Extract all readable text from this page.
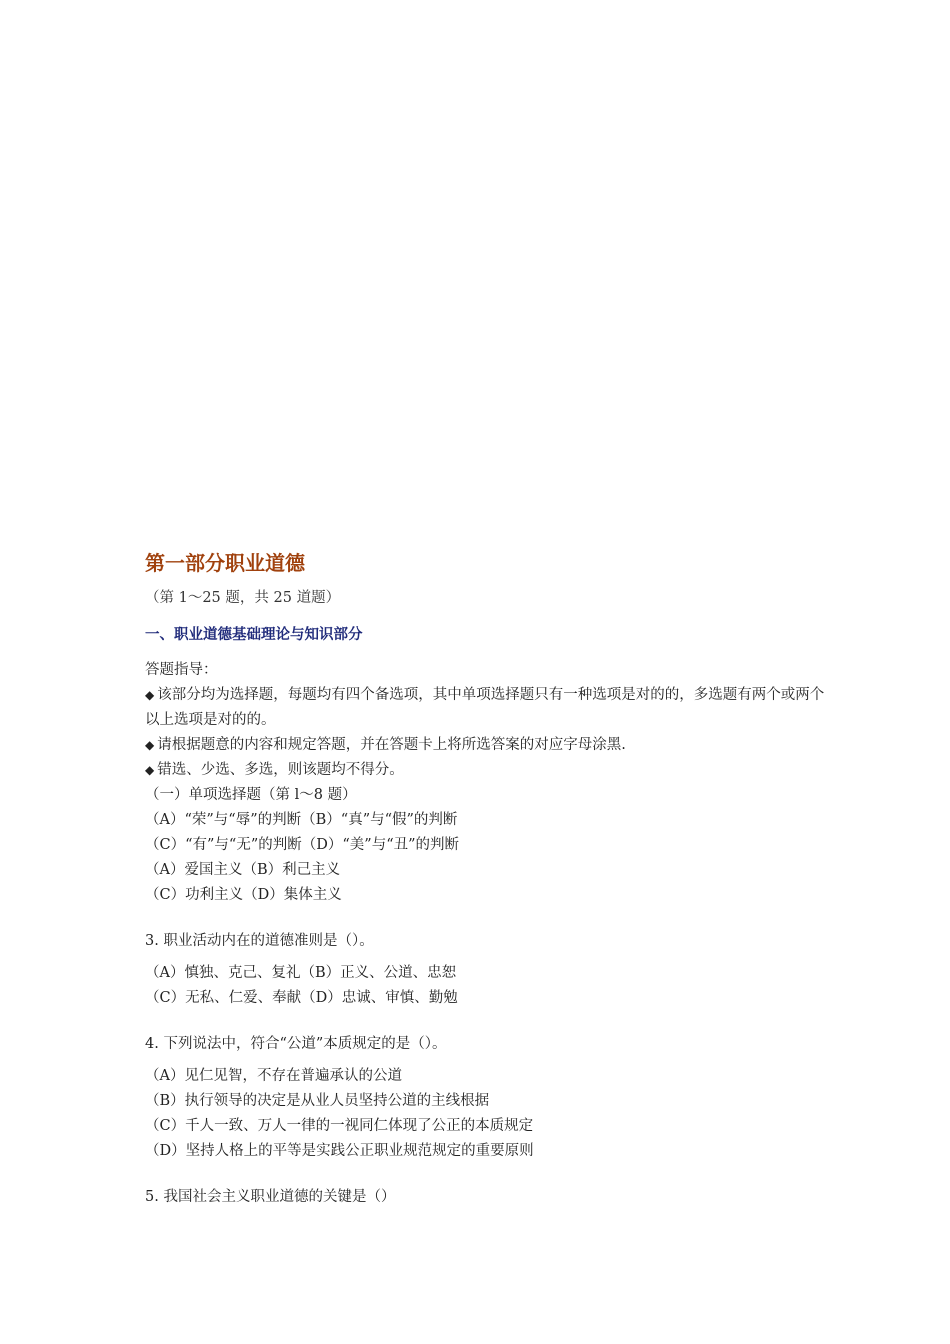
第一部分职业道德
（第 1～25 题，共 25 道题）
一、职业道德基础理论与知识部分

答题指导：

◆ 该部分均为选择题，每题均有四个备选项，其中单项选择题只有一种选项是对的的，多选题有两个或两个以上选项是对的的。

◆ 请根据题意的内容和规定答题，并在答题卡上将所选答案的对应字母涂黑.

◆ 错选、少选、多选，则该题均不得分。

（一）单项选择题（第 l～8 题）

（A）“荣”与“辱”的判断（B）“真”与“假”的判断

（C）“有”与“无”的判断（D）“美”与“丑”的判断

（A）爱国主义（B）利己主义

（C）功利主义（D）集体主义

3. 职业活动内在的道德准则是（）。

（A）慎独、克己、复礼（B）正义、公道、忠恕

（C）无私、仁爱、奉献（D）忠诚、审慎、勤勉

4. 下列说法中，符合“公道”本质规定的是（）。

（A）见仁见智，不存在普遍承认的公道

（B）执行领导的决定是从业人员坚持公道的主线根据

（C）千人一致、万人一律的一视同仁体现了公正的本质规定

（D）坚持人格上的平等是实践公正职业规范规定的重要原则

5. 我国社会主义职业道德的关键是（）
